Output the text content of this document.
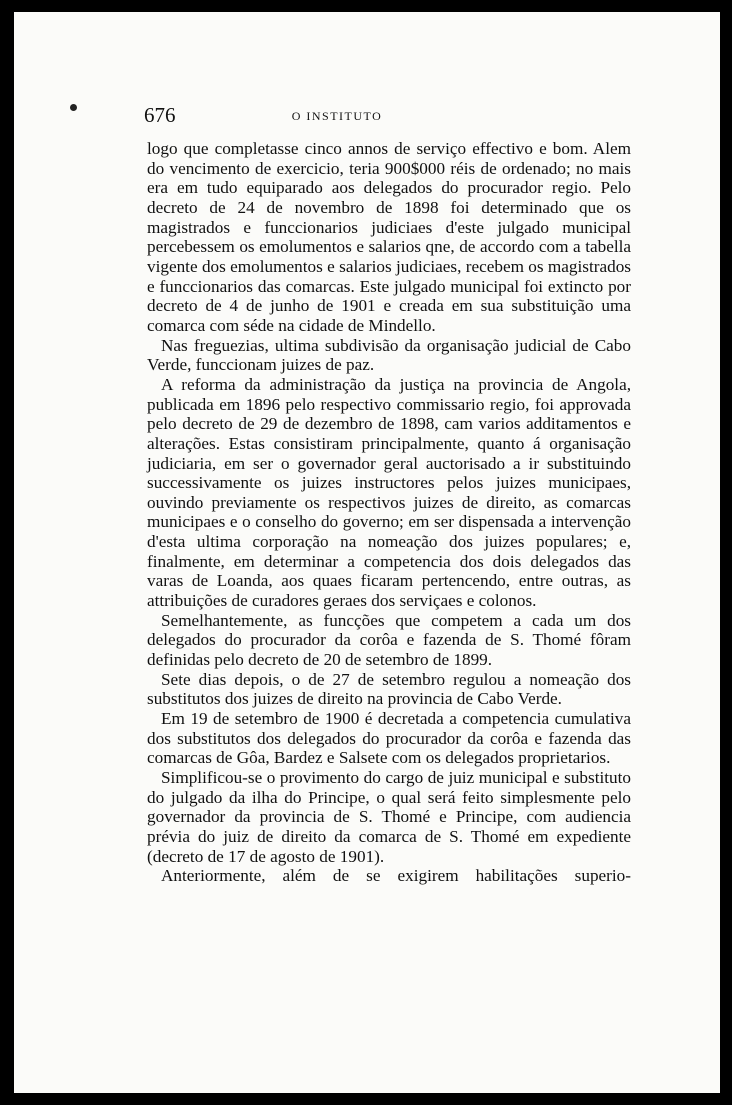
676	O INSTITUTO

logo que completasse cinco annos de serviço effectivo e bom. Alem do vencimento de exercicio, teria 900$000 réis de ordenado; no mais era em tudo equiparado aos delegados do procurador regio. Pelo decreto de 24 de novembro de 1898 foi determinado que os magistrados e funccionarios judiciaes d'este julgado municipal percebessem os emolumentos e salarios qne, de accordo com a tabella vigente dos emolumentos e salarios judiciaes, recebem os magistrados e funccionarios das comarcas. Este julgado municipal foi extincto por decreto de 4 de junho de 1901 e creada em sua substituição uma comarca com séde na cidade de Mindello.

Nas freguezias, ultima subdivisão da organisação judicial de Cabo Verde, funccionam juizes de paz.

A reforma da administração da justiça na provincia de Angola, publicada em 1896 pelo respectivo commissario regio, foi approvada pelo decreto de 29 de dezembro de 1898, cam varios additamentos e alterações. Estas consistiram principalmente, quanto á organisação judiciaria, em ser o governador geral auctorisado a ir substituindo successivamente os juizes instructores pelos juizes municipaes, ouvindo previamente os respectivos juizes de direito, as comarcas municipaes e o conselho do governo; em ser dispensada a intervenção d'esta ultima corporação na nomeação dos juizes populares; e, finalmente, em determinar a competencia dos dois delegados das varas de Loanda, aos quaes ficaram pertencendo, entre outras, as attribuições de curadores geraes dos serviçaes e colonos.

Semelhantemente, as funcções que competem a cada um dos delegados do procurador da corôa e fazenda de S. Thomé fôram definidas pelo decreto de 20 de setembro de 1899.

Sete dias depois, o de 27 de setembro regulou a nomeação dos substitutos dos juizes de direito na provincia de Cabo Verde.

Em 19 de setembro de 1900 é decretada a competencia cumulativa dos substitutos dos delegados do procurador da corôa e fazenda das comarcas de Gôa, Bardez e Salsete com os delegados proprietarios.

Simplificou-se o provimento do cargo de juiz municipal e substituto do julgado da ilha do Principe, o qual será feito simplesmente pelo governador da provincia de S. Thomé e Principe, com audiencia prévia do juiz de direito da comarca de S. Thomé em expediente (decreto de 17 de agosto de 1901).

Anteriormente, além de se exigirem habilitações superio-
